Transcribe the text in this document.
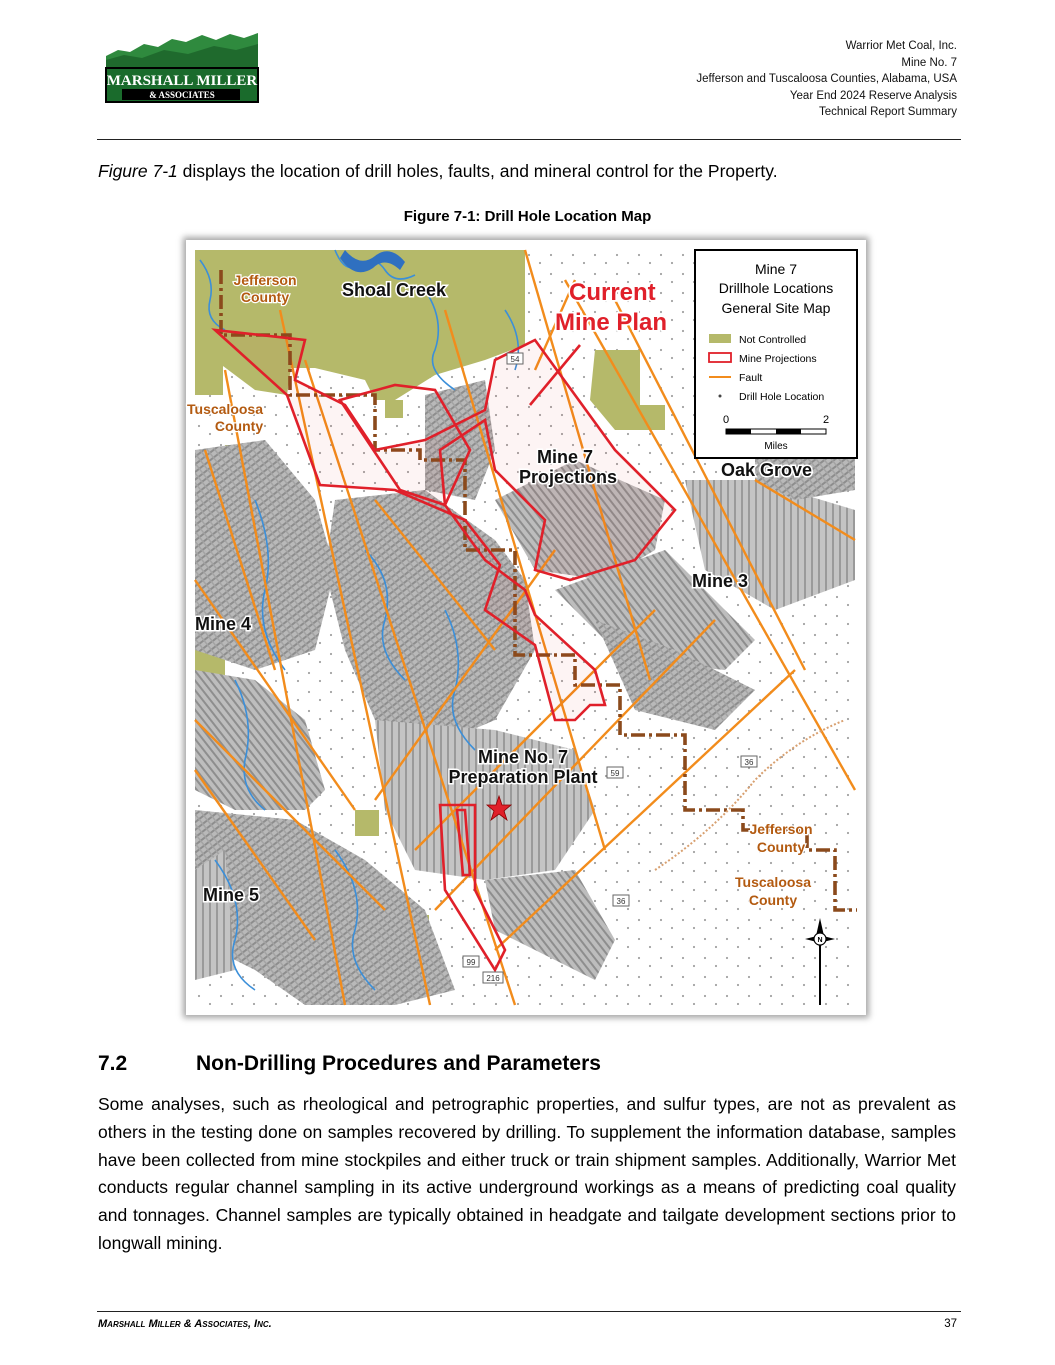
MARSHALL MILLER
& ASSOCIATES
Warrior Met Coal, Inc.
Mine No. 7
Jefferson and Tuscaloosa Counties, Alabama, USA
Year End 2024 Reserve Analysis
Technical Report Summary
Figure 7-1 displays the location of drill holes, faults, and mineral control for the Property.
Figure 7-1: Drill Hole Location Map
54
36
36
59
99
216
Mine 7
Drillhole Locations
General Site Map
Not Controlled
Mine Projections
Fault
Drill Hole Location
0	2
Miles
Jefferson
County	Shoal Creek	Current
Mine Plan
Tuscaloosa
County
Mine 7
Projections	Oak Grove
Mine 3
Mine 4
Mine No. 7
Preparation Plant
Mine 5
Jefferson
County
Tuscaloosa
County
N
7.2	Non-Drilling Procedures and Parameters
Some analyses, such as rheological and petrographic properties, and sulfur types, are not as prevalent as others in the testing done on samples recovered by drilling. To supplement the information database, samples have been collected from mine stockpiles and either truck or train shipment samples. Additionally, Warrior Met conducts regular channel sampling in its active underground workings as a means of predicting coal quality and tonnages. Channel samples are typically obtained in headgate and tailgate development sections prior to longwall mining.
Marshall Miller & Associates, Inc.	37
